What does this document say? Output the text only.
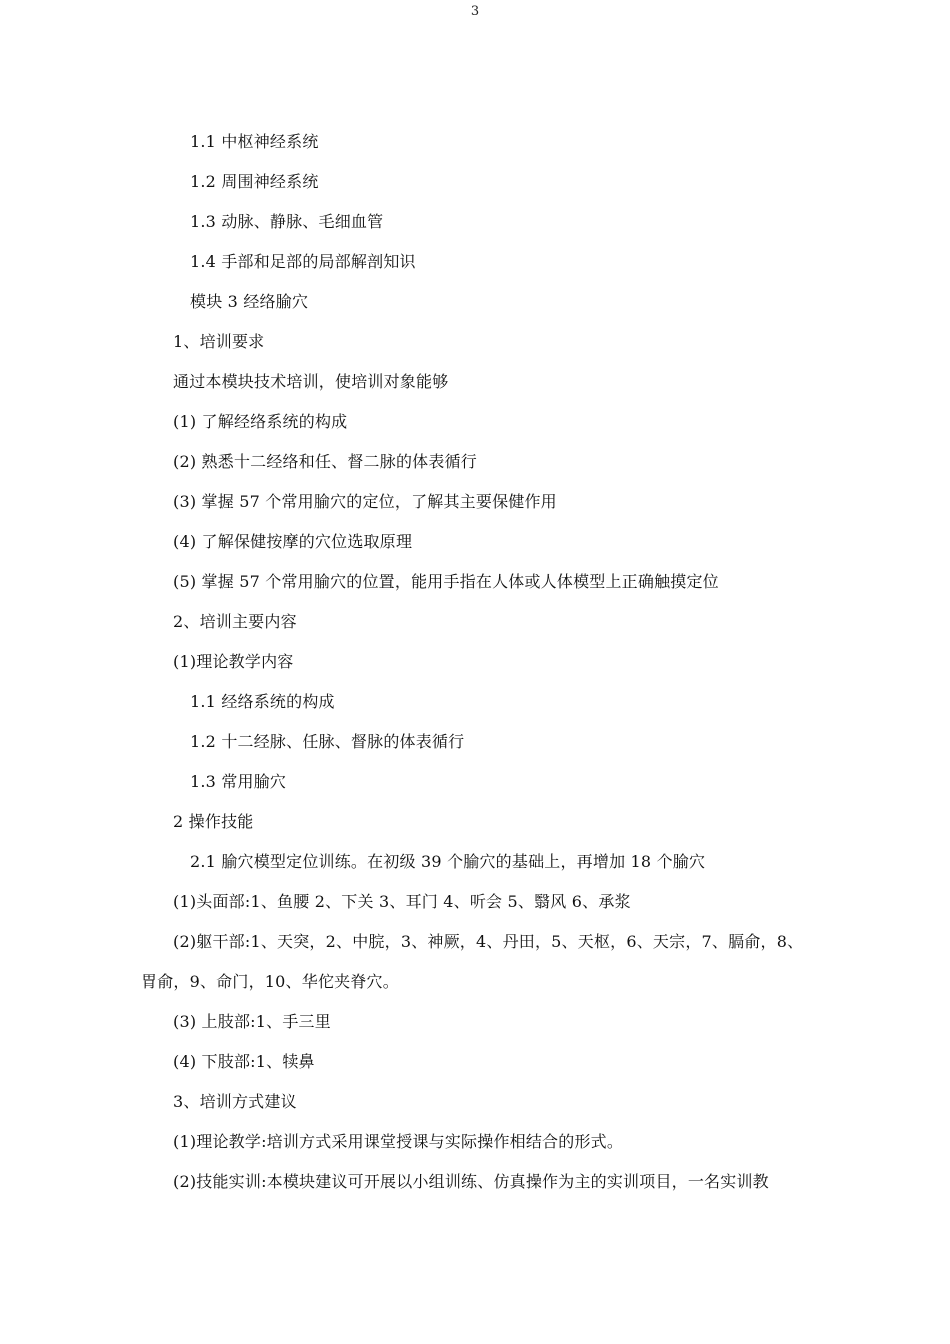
3
1.1 中枢神经系统
1.2 周围神经系统
1.3 动脉、静脉、毛细血管
1.4 手部和足部的局部解剖知识
模块 3 经络腧穴
1、培训要求
通过本模块技术培训，使培训对象能够
(1) 了解经络系统的构成
(2) 熟悉十二经络和任、督二脉的体表循行
(3) 掌握 57 个常用腧穴的定位，了解其主要保健作用
(4) 了解保健按摩的穴位选取原理
(5) 掌握 57 个常用腧穴的位置，能用手指在人体或人体模型上正确触摸定位
2、培训主要内容
(1)理论教学内容
1.1 经络系统的构成
1.2 十二经脉、任脉、督脉的体表循行
1.3 常用腧穴
2 操作技能
2.1 腧穴模型定位训练。在初级 39 个腧穴的基础上，再增加 18 个腧穴
(1)头面部:1、鱼腰 2、下关 3、耳门 4、听会 5、翳风 6、承浆
(2)躯干部:1、天突，2、中脘，3、神厥，4、丹田，5、天枢，6、天宗，7、膈俞，8、
胃俞，9、命门，10、华佗夹脊穴。
(3) 上肢部:1、手三里
(4) 下肢部:1、犊鼻
3、培训方式建议
(1)理论教学:培训方式采用课堂授课与实际操作相结合的形式。
(2)技能实训:本模块建议可开展以小组训练、仿真操作为主的实训项目，一名实训教
